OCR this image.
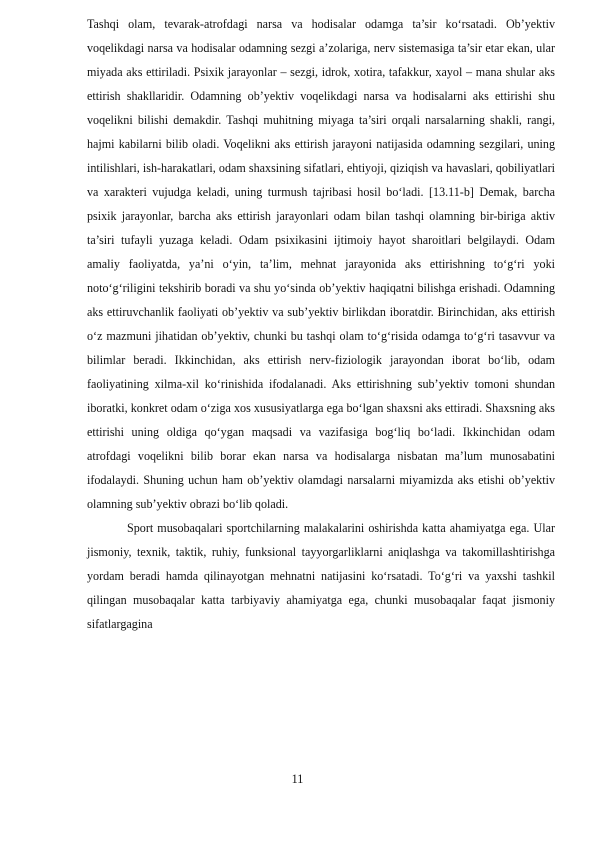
Tashqi olam, tevarak-atrofdagi narsa va hodisalar odamga ta’sir ko‘rsatadi. Ob’yektiv voqelikdagi narsa va hodisalar odamning sezgi a’zolariga, nerv sistemasiga ta’sir etar ekan, ular miyada aks ettiriladi. Psixik jarayonlar – sezgi, idrok, xotira, tafakkur, xayol – mana shular aks ettirish shakllaridir. Odamning ob’yektiv voqelikdagi narsa va hodisalarni aks ettirishi shu voqelikni bilishi demakdir. Tashqi muhitning miyaga ta’siri orqali narsalarning shakli, rangi, hajmi kabilarni bilib oladi. Voqelikni aks ettirish jarayoni natijasida odamning sezgilari, uning intilishlari, ish-harakatlari, odam shaxsining sifatlari, ehtiyoji, qiziqish va havaslari, qobiliyatlari va xarakteri vujudga keladi, uning turmush tajribasi hosil bo‘ladi. [13.11-b] Demak, barcha psixik jarayonlar, barcha aks ettirish jarayonlari odam bilan tashqi olamning bir-biriga aktiv ta’siri tufayli yuzaga keladi. Odam psixikasini ijtimoiy hayot sharoitlari belgilaydi. Odam amaliy faoliyatda, ya’ni o‘yin, ta’lim, mehnat jarayonida aks ettirishning to‘g‘ri yoki noto‘g‘riligini tekshirib boradi va shu yo‘sinda ob’yektiv haqiqatni bilishga erishadi. Odamning aks ettiruvchanlik faoliyati ob’yektiv va sub’yektiv birlikdan iboratdir. Birinchidan, aks ettirish o‘z mazmuni jihatidan ob’yektiv, chunki bu tashqi olam to‘g‘risida odamga to‘g‘ri tasavvur va bilimlar beradi. Ikkinchidan, aks ettirish nerv-fiziologik jarayondan iborat bo‘lib, odam faoliyatining xilma-xil ko‘rinishida ifodalanadi. Aks ettirishning sub’yektiv tomoni shundan iboratki, konkret odam o‘ziga xos xususiyatlarga ega bo‘lgan shaxsni aks ettiradi. Shaxsning aks ettirishi uning oldiga qo‘ygan maqsadi va vazifasiga bog‘liq bo‘ladi. Ikkinchidan odam atrofdagi voqelikni bilib borar ekan narsa va hodisalarga nisbatan ma’lum munosabatini ifodalaydi. Shuning uchun ham ob’yektiv olamdagi narsalarni miyamizda aks etishi ob’yektiv olamning sub’yektiv obrazi bo‘lib qoladi.

Sport musobaqalari sportchilarning malakalarini oshirishda katta ahamiyatga ega. Ular jismoniy, texnik, taktik, ruhiy, funksional tayyorgarliklarni aniqlashga va takomillashtirishga yordam beradi hamda qilinayotgan mehnatni natijasini ko‘rsatadi. To‘g‘ri va yaxshi tashkil qilingan musobaqalar katta tarbiyaviy ahamiyatga ega, chunki musobaqalar faqat jismoniy sifatlargagina

11
